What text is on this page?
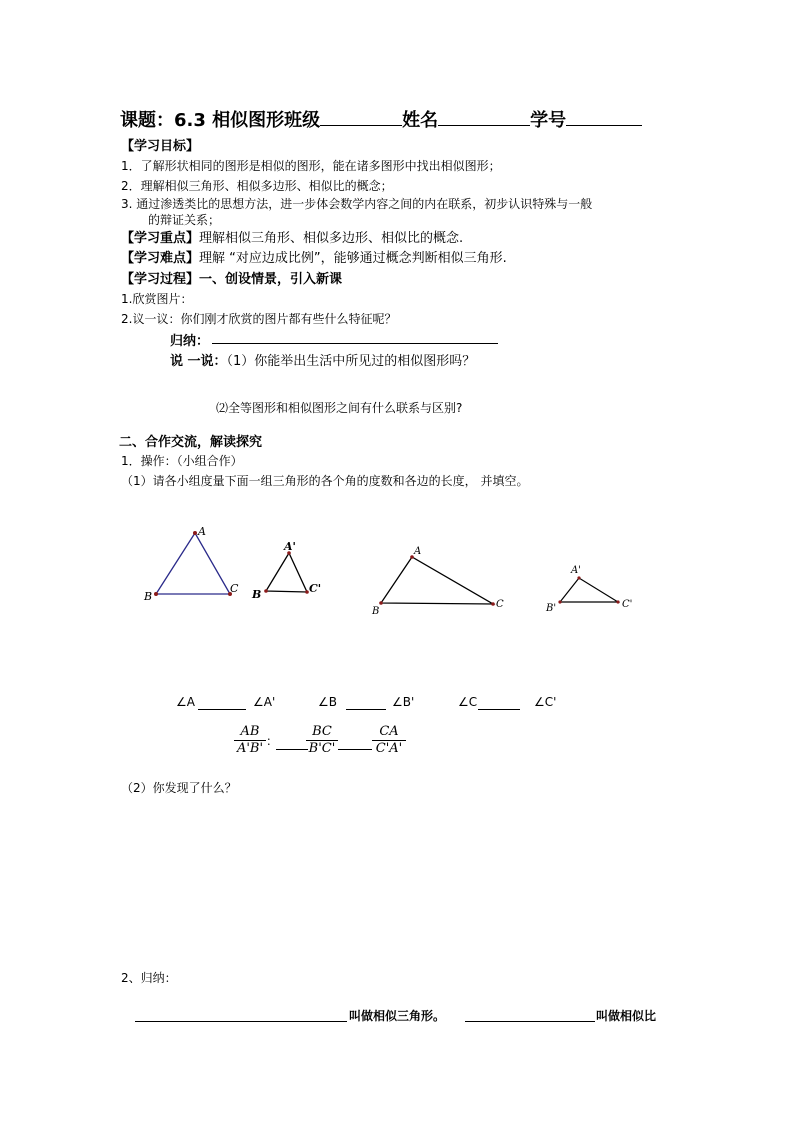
课题：6.3 相似图形班级	姓名	学号
【学习目标】
1．了解形状相同的图形是相似的图形，能在诸多图形中找出相似图形；
2．理解相似三角形、相似多边形、相似比的概念；
3. 通过渗透类比的思想方法，进一步体会数学内容之间的内在联系，初步认识特殊与一般
的辩证关系；
【学习重点】理解相似三角形、相似多边形、相似比的概念.
【学习难点】理解 “对应边成比例”，能够通过概念判断相似三角形.
【学习过程】一、创设情景，引入新课
1.欣赏图片：
2.议一议：你们刚才欣赏的图片都有些什么特征呢？
归纳：
说 一说：（1）你能举出生活中所见过的相似图形吗？
⑵全等图形和相似图形之间有什么联系与区别?
二、合作交流，解读探究
1．操作：（小组合作）
（1）请各小组度量下面一组三角形的各个角的度数和各边的长度， 并填空。
A
B
C
A'
B	C'
A
B
C
A'
B'	C'
∠A	∠A'	∠B	∠B'	∠C	∠C'
$\frac{AB}{A'B'}$ ： $\frac{BC}{B'C'}$	$\frac{CA}{C'A'}$
（2）你发现了什么？
2、归纳：
叫做相似三角形。	叫做相似比
